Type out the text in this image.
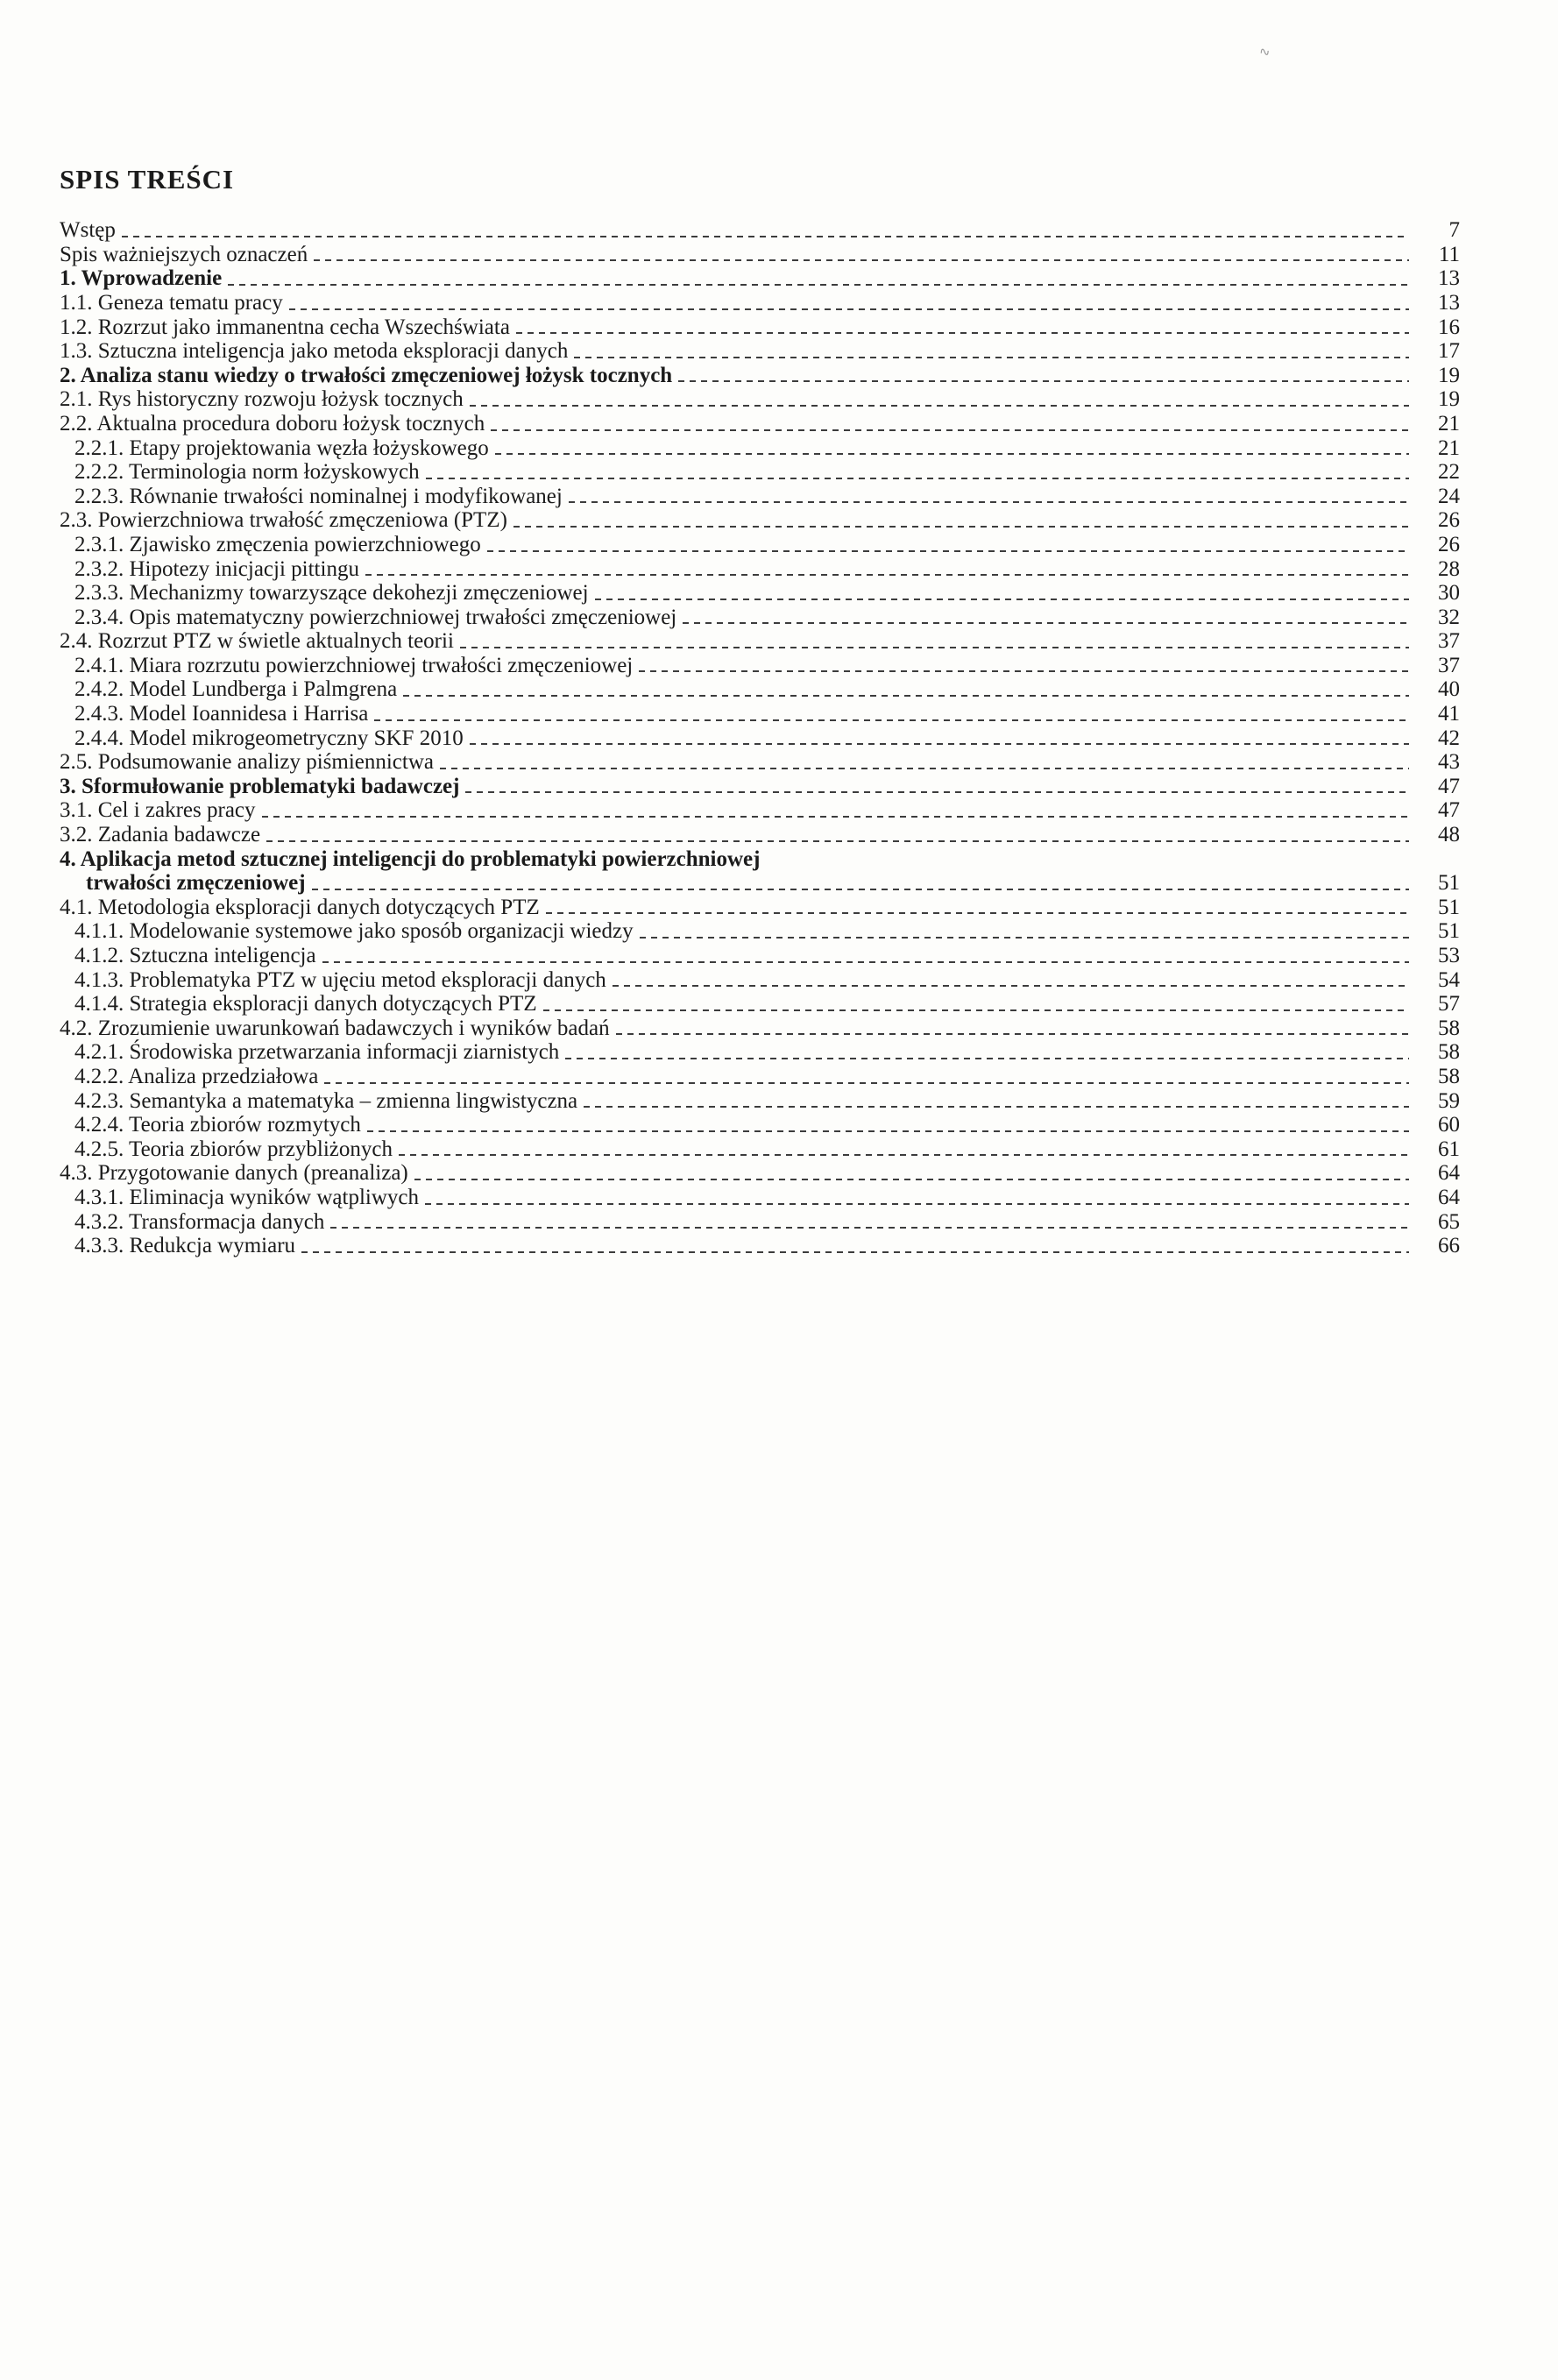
∿
SPIS TREŚCI
Wstęp	7
Spis ważniejszych oznaczeń	11
1. Wprowadzenie	13
1.1. Geneza tematu pracy	13
1.2. Rozrzut jako immanentna cecha Wszechświata	16
1.3. Sztuczna inteligencja jako metoda eksploracji danych	17
2. Analiza stanu wiedzy o trwałości zmęczeniowej łożysk tocznych	19
2.1. Rys historyczny rozwoju łożysk tocznych	19
2.2. Aktualna procedura doboru łożysk tocznych	21
2.2.1. Etapy projektowania węzła łożyskowego	21
2.2.2. Terminologia norm łożyskowych	22
2.2.3. Równanie trwałości nominalnej i modyfikowanej	24
2.3. Powierzchniowa trwałość zmęczeniowa (PTZ)	26
2.3.1. Zjawisko zmęczenia powierzchniowego	26
2.3.2. Hipotezy inicjacji pittingu	28
2.3.3. Mechanizmy towarzyszące dekohezji zmęczeniowej	30
2.3.4. Opis matematyczny powierzchniowej trwałości zmęczeniowej	32
2.4. Rozrzut PTZ w świetle aktualnych teorii	37
2.4.1. Miara rozrzutu powierzchniowej trwałości zmęczeniowej	37
2.4.2. Model Lundberga i Palmgrena	40
2.4.3. Model Ioannidesa i Harrisa	41
2.4.4. Model mikrogeometryczny SKF 2010	42
2.5. Podsumowanie analizy piśmiennictwa	43
3. Sformułowanie problematyki badawczej	47
3.1. Cel i zakres pracy	47
3.2. Zadania badawcze	48
4. Aplikacja metod sztucznej inteligencji do problematyki powierzchniowej
trwałości zmęczeniowej	51
4.1. Metodologia eksploracji danych dotyczących PTZ	51
4.1.1. Modelowanie systemowe jako sposób organizacji wiedzy	51
4.1.2. Sztuczna inteligencja	53
4.1.3. Problematyka PTZ w ujęciu metod eksploracji danych	54
4.1.4. Strategia eksploracji danych dotyczących PTZ	57
4.2. Zrozumienie uwarunkowań badawczych i wyników badań	58
4.2.1. Środowiska przetwarzania informacji ziarnistych	58
4.2.2. Analiza przedziałowa	58
4.2.3. Semantyka a matematyka – zmienna lingwistyczna	59
4.2.4. Teoria zbiorów rozmytych	60
4.2.5. Teoria zbiorów przybliżonych	61
4.3. Przygotowanie danych (preanaliza)	64
4.3.1. Eliminacja wyników wątpliwych	64
4.3.2. Transformacja danych	65
4.3.3. Redukcja wymiaru	66
